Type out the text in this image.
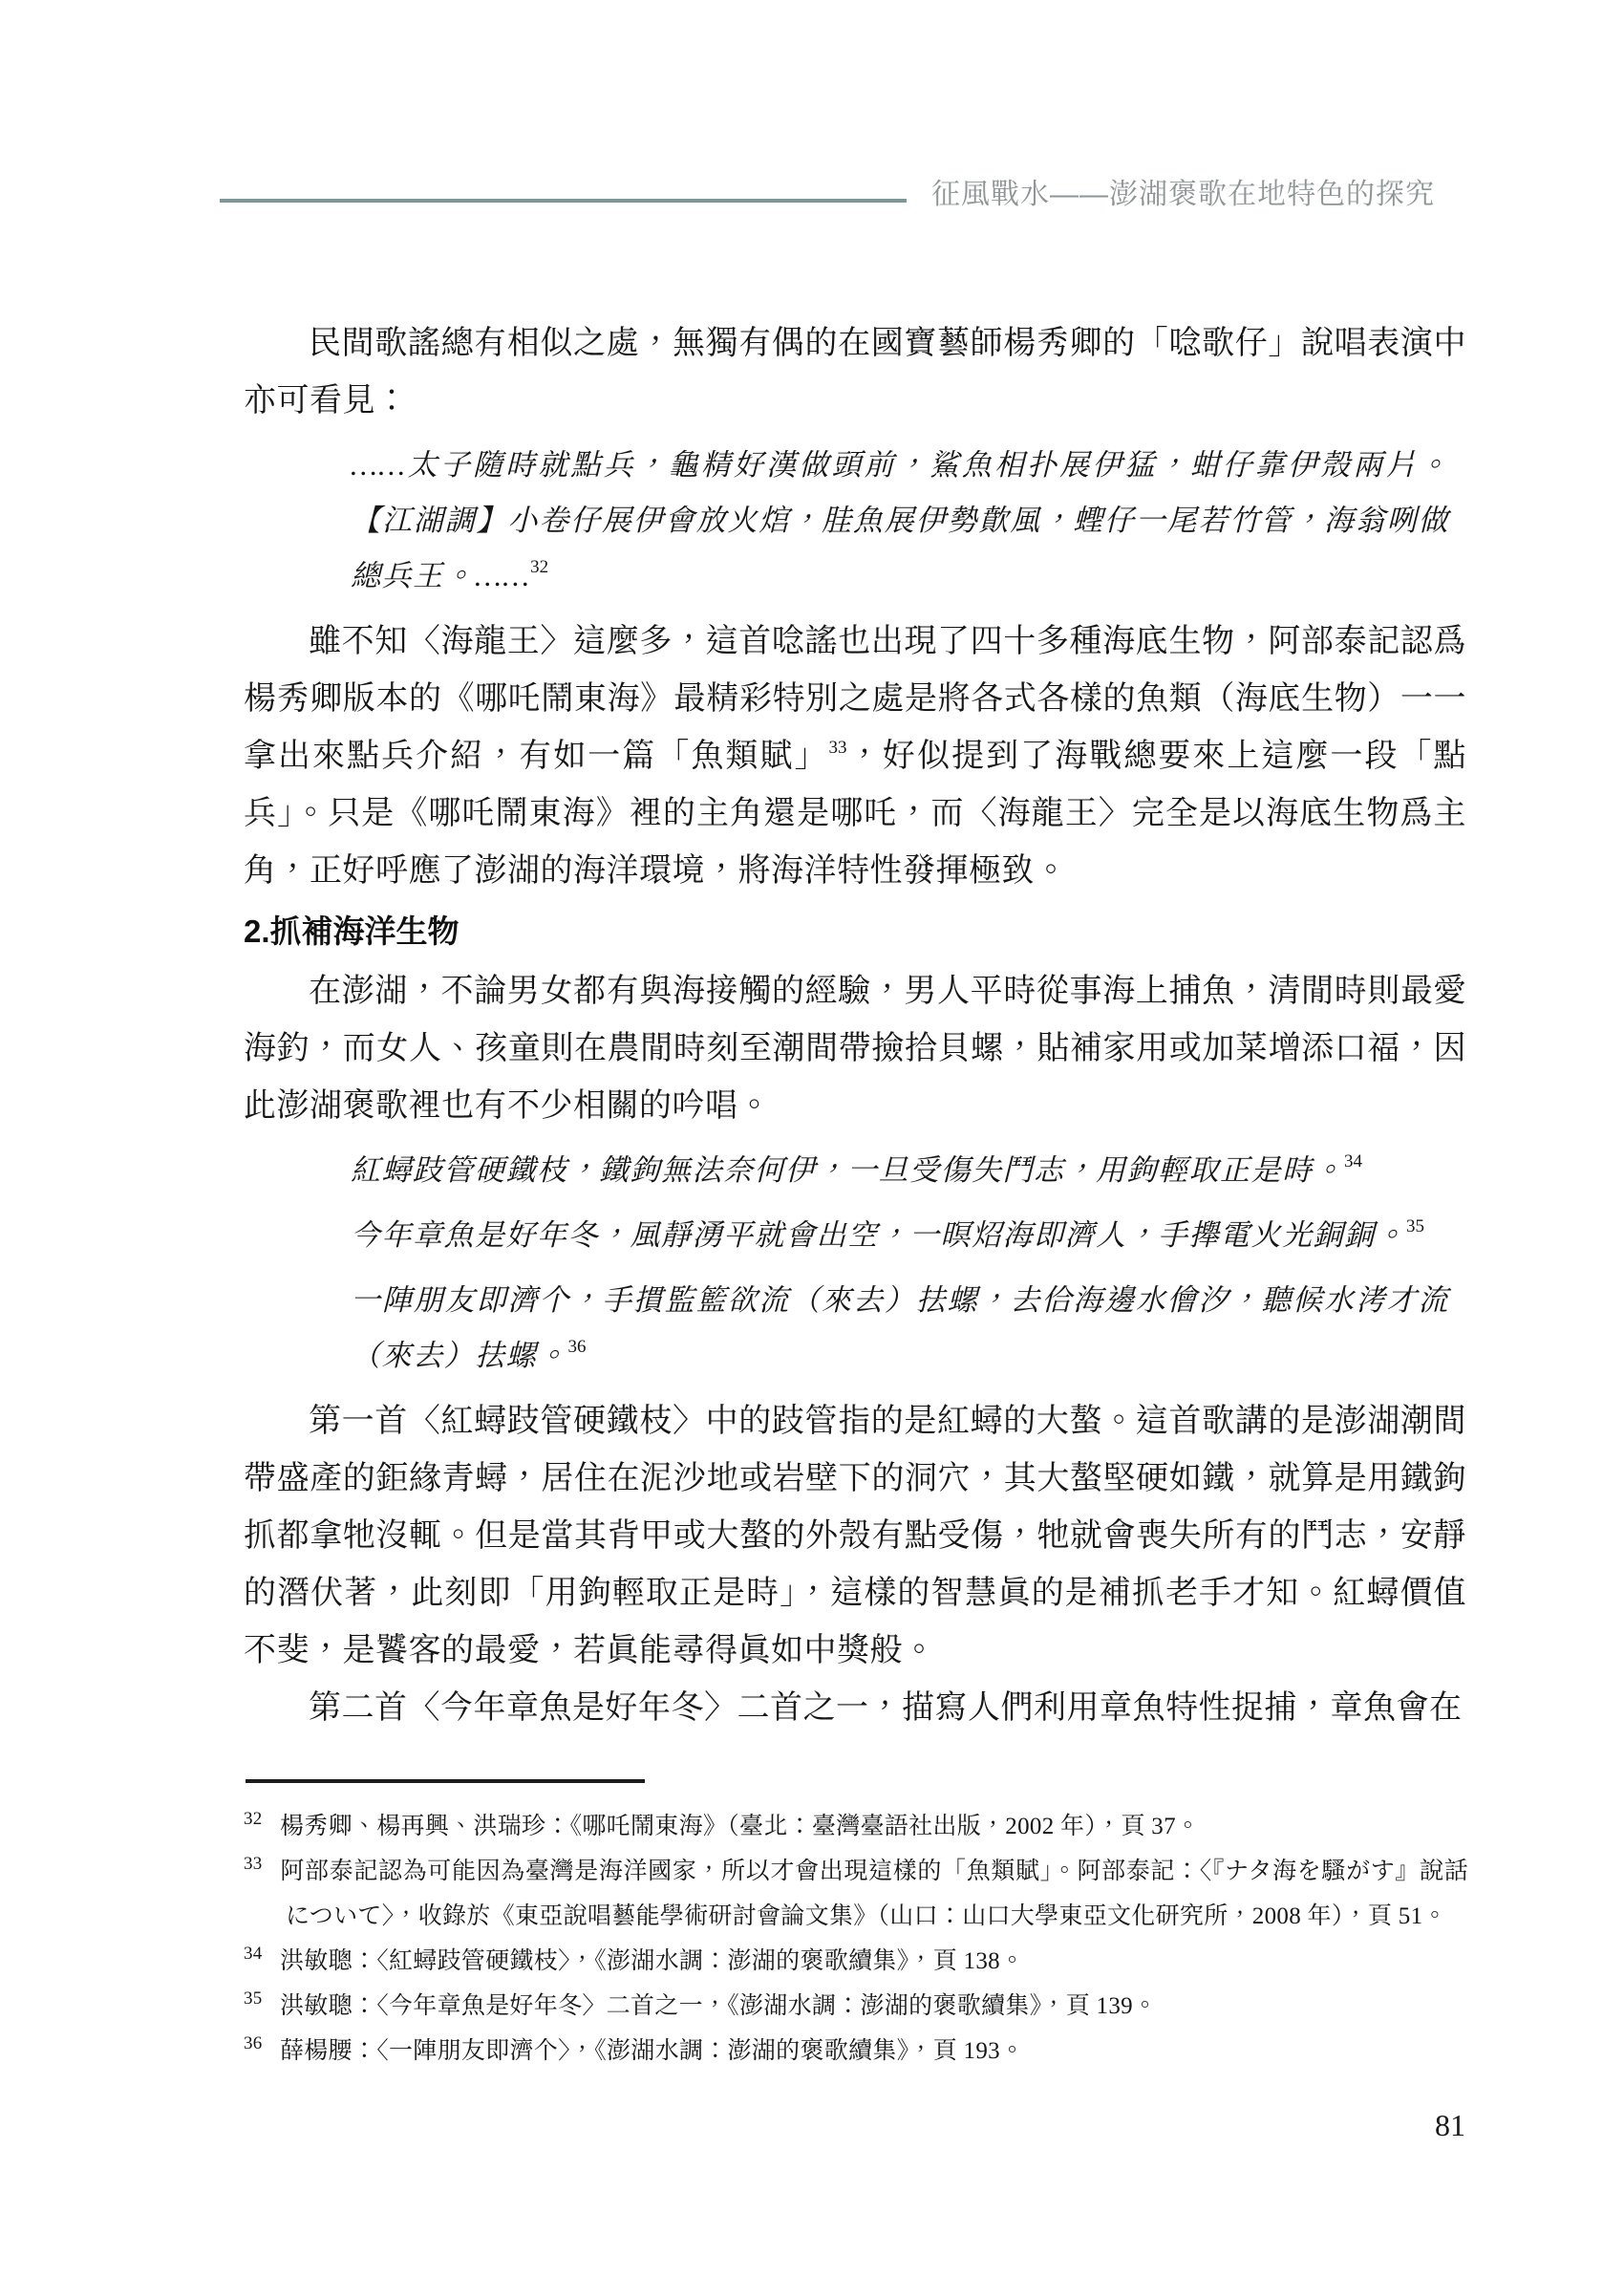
征風戰水——澎湖褒歌在地特色的探究

民間歌謠總有相似之處，無獨有偶的在國寶藝師楊秀卿的「唸歌仔」說唱表演中亦可看見：

……太子隨時就點兵，龜精好漢做頭前，鯊魚相扑展伊猛，蚶仔靠伊殼兩片。【江湖調】小卷仔展伊會放火熍，胿魚展伊勢歕風，蟶仔一尾若竹管，海翁咧做總兵王。……$^{32}$

雖不知〈海龍王〉這麼多，這首唸謠也出現了四十多種海底生物，阿部泰記認爲楊秀卿版本的《哪吒鬧東海》最精彩特別之處是將各式各樣的魚類（海底生物）一一拿出來點兵介紹，有如一篇「魚類賦」$^{33}$，好似提到了海戰總要來上這麼一段「點兵」。只是《哪吒鬧東海》裡的主角還是哪吒，而〈海龍王〉完全是以海底生物爲主角，正好呼應了澎湖的海洋環境，將海洋特性發揮極致。

2.抓補海洋生物

在澎湖，不論男女都有與海接觸的經驗，男人平時從事海上捕魚，清閒時則最愛海釣，而女人、孩童則在農閒時刻至潮間帶撿拾貝螺，貼補家用或加菜增添口福，因此澎湖褒歌裡也有不少相關的吟唱。

紅蟳跂管硬鐵枝，鐵鉤無法奈何伊，一旦受傷失鬥志，用鉤輕取正是時。$^{34}$
今年章魚是好年冬，風靜湧平就會出空，一暝炤海即濟人，手攑電火光銅銅。$^{35}$
一陣朋友即濟个，手摜監籃欲流（來去）抾螺，去佮海邊水儈汐，聽候水洘才流（來去）抾螺。$^{36}$

第一首〈紅蟳跂管硬鐵枝〉中的跂管指的是紅蟳的大螯。這首歌講的是澎湖潮間帶盛產的鉅緣青蟳，居住在泥沙地或岩壁下的洞穴，其大螯堅硬如鐵，就算是用鐵鉤抓都拿牠沒輒。但是當其背甲或大螯的外殼有點受傷，牠就會喪失所有的鬥志，安靜的潛伏著，此刻即「用鉤輕取正是時」，這樣的智慧眞的是補抓老手才知。紅蟳價值不斐，是饕客的最愛，若眞能尋得眞如中獎般。

第二首〈今年章魚是好年冬〉二首之一，描寫人們利用章魚特性捉捕，章魚會在

32 楊秀卿、楊再興、洪瑞珍：《哪吒鬧東海》（臺北：臺灣臺語社出版，2002 年），頁 37。
33 阿部泰記認為可能因為臺灣是海洋國家，所以才會出現這樣的「魚類賦」。阿部泰記：〈『ナタ海を騷がす』說話について〉，收錄於《東亞說唱藝能學術研討會論文集》（山口：山口大學東亞文化研究所，2008 年），頁 51。
34 洪敏聰：〈紅蟳跂管硬鐵枝〉，《澎湖水調：澎湖的褒歌續集》，頁 138。
35 洪敏聰：〈今年章魚是好年冬〉二首之一，《澎湖水調：澎湖的褒歌續集》，頁 139。
36 薛楊腰：〈一陣朋友即濟个〉，《澎湖水調：澎湖的褒歌續集》，頁 193。
81
